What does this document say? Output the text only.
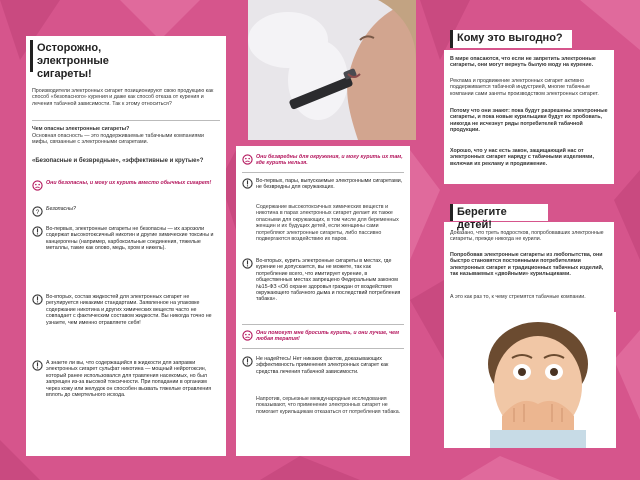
Производители электронных сигарет позиционируют свою продукцию как способ «безопасного» курения и даже как способ отказа от курения и лечения табачной зависимости. Так к этому относиться?
Чем опасны электронные сигареты?
Основная опасность — это поддерживаемые табачными компаниями мифы, связанные с электронными сигаретами.
«Безопасные и безвредные», «эффективные и крутые»?
Они безопасны, и могу их курить вместо обычных сигарет!
? Безопасны?
Во-первых, электронные сигареты не безопасны — их аэрозоли содержат высокотоксичный никотин и другие химические токсины и канцерогены (например, карбоксильные соединения, тяжелые металлы, такие как олово, медь, хром и никель).
Во-вторых, состав жидкостей для электронных сигарет не регулируется никакими стандартами. Заявленное на упаковке содержание никотина и других химических веществ часто не совпадает с фактическим составом жидкости. Вы никогда точно не узнаете, чем именно отравляете себя!
А знаете ли вы, что содержащийся в жидкости для заправки электронных сигарет сульфат никотина — мощный нейротоксин, который ранее использовался для травления насекомых, но был запрещен из-за высокой токсичности. При попадании в организм через кожу или желудок он способен вызвать тяжелые отравления вплоть до смертельного исхода.
Осторожно, электронные сигареты!
Они безвредны для окружения, и могу курить их там, где курить нельзя.
Во-первых, пары, выпускаемые электронными сигаретами, не безвредны для окружающих.
Содержание высокотоксичных химических веществ и никотина в парах электронных сигарет делает их также опасными для окружающих, в том числе для беременных женщин и их будущих детей, если женщины сами потребляют электронные сигареты, либо пассивно подвергаются воздействию их паров.
Во-вторых, курить электронные сигареты в местах, где курение не допускается, вы не можете, так как потребление всего, что имитирует курение, в общественных местах запрещено Федеральным законом №15-ФЗ «Об охране здоровья граждан от воздействия окружающего табачного дыма и последствий потребления табака».
Они помогут мне бросить курить, и они лучше, чем любая терапия!
Не надейтесь! Нет никаких фактов, доказывающих эффективность применения электронных сигарет как средства лечения табачной зависимости.
Напротив, серьезные международные исследования показывают, что применение электронных сигарет не помогает курильщикам отказаться от потребления табака.
В мире опасаются, что если не запретить электронные сигареты, они могут вернуть былую моду на курение.
Реклама и продвижение электронных сигарет активно поддерживается табачной индустрией, многие табачные компании сами заняты производством электронных сигарет.
Потому что они знают: пока будут разрешены электронные сигареты, и пока новые курильщики будут их пробовать, никогда не исчезнут ряды потребителей табачной продукции.
Хорошо, что у нас есть закон, защищающий нас от электронных сигарет наряду с табачными изделиями, включая их рекламу и продвижение.
Кому это выгодно?
Доказано, что треть подростков, попробовавших электронные сигареты, прежде никогда не курили.
Попробовав электронные сигареты из любопытства, они быстро становятся постоянными потребителями электронных сигарет и традиционных табачных изделий, так называемых «двойными» курильщиками.
А это как раз то, к чему стремятся табачные компании.
Берегите детей!
